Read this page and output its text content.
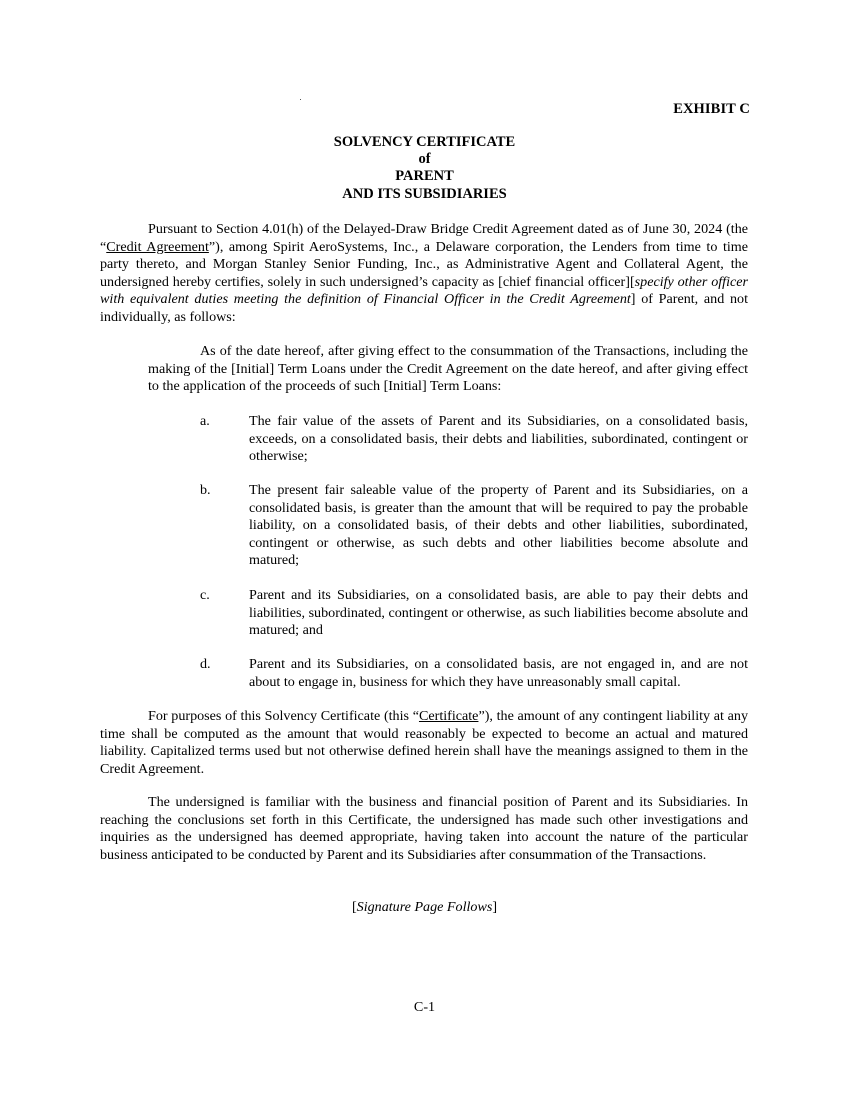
EXHIBIT C
SOLVENCY CERTIFICATE
of
PARENT
AND ITS SUBSIDIARIES
Pursuant to Section 4.01(h) of the Delayed-Draw Bridge Credit Agreement dated as of June 30, 2024 (the “Credit Agreement”), among Spirit AeroSystems, Inc., a Delaware corporation, the Lenders from time to time party thereto, and Morgan Stanley Senior Funding, Inc., as Administrative Agent and Collateral Agent, the undersigned hereby certifies, solely in such undersigned’s capacity as [chief financial officer][specify other officer with equivalent duties meeting the definition of Financial Officer in the Credit Agreement] of Parent, and not individually, as follows:
As of the date hereof, after giving effect to the consummation of the Transactions, including the making of the [Initial] Term Loans under the Credit Agreement on the date hereof, and after giving effect to the application of the proceeds of such [Initial] Term Loans:
a.	The fair value of the assets of Parent and its Subsidiaries, on a consolidated basis, exceeds, on a consolidated basis, their debts and liabilities, subordinated, contingent or otherwise;
b.	The present fair saleable value of the property of Parent and its Subsidiaries, on a consolidated basis, is greater than the amount that will be required to pay the probable liability, on a consolidated basis, of their debts and other liabilities, subordinated, contingent or otherwise, as such debts and other liabilities become absolute and matured;
c.	Parent and its Subsidiaries, on a consolidated basis, are able to pay their debts and liabilities, subordinated, contingent or otherwise, as such liabilities become absolute and matured; and
d.	Parent and its Subsidiaries, on a consolidated basis, are not engaged in, and are not about to engage in, business for which they have unreasonably small capital.
For purposes of this Solvency Certificate (this “Certificate”), the amount of any contingent liability at any time shall be computed as the amount that would reasonably be expected to become an actual and matured liability. Capitalized terms used but not otherwise defined herein shall have the meanings assigned to them in the Credit Agreement.
The undersigned is familiar with the business and financial position of Parent and its Subsidiaries. In reaching the conclusions set forth in this Certificate, the undersigned has made such other investigations and inquiries as the undersigned has deemed appropriate, having taken into account the nature of the particular business anticipated to be conducted by Parent and its Subsidiaries after consummation of the Transactions.
[Signature Page Follows]
C-1
